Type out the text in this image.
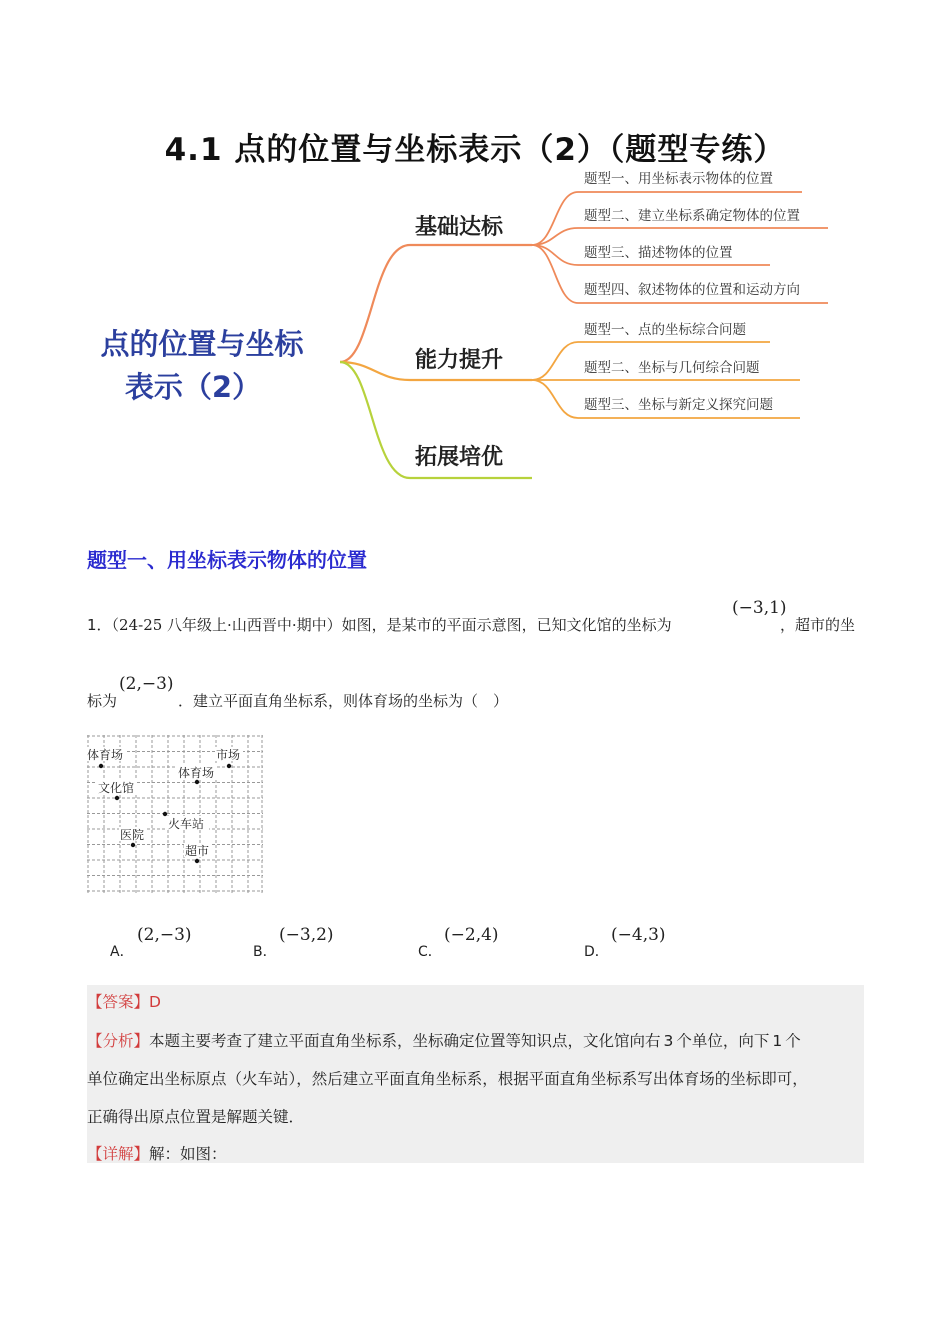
4.1 点的位置与坐标表示（2）（题型专练）
点的位置与坐标
表示（2）
基础达标
能力提升
拓展培优
题型一、用坐标表示物体的位置
题型二、建立坐标系确定物体的位置
题型三、描述物体的位置
题型四、叙述物体的位置和运动方向
题型一、点的坐标综合问题
题型二、坐标与几何综合问题
题型三、坐标与新定义探究问题
题型一、用坐标表示物体的位置
1．（24-25 八年级上·山西晋中·期中）如图，是某市的平面示意图，已知文化馆的坐标为
(−3,1)
，超市的坐
标为
(2,−3)
．建立平面直角坐标系，则体育场的坐标为（　）
体育场	市场
体育场
文化馆
火车站
医院
超市
A．
(2,−3)
B．
(−3,2)
C．
(−2,4)
D．
(−4,3)
【答案】D
【分析】本题主要考查了建立平面直角坐标系，坐标确定位置等知识点，文化馆向右 3 个单位，向下 1 个
单位确定出坐标原点（火车站），然后建立平面直角坐标系，根据平面直角坐标系写出体育场的坐标即可，
正确得出原点位置是解题关键．
【详解】解：如图：
